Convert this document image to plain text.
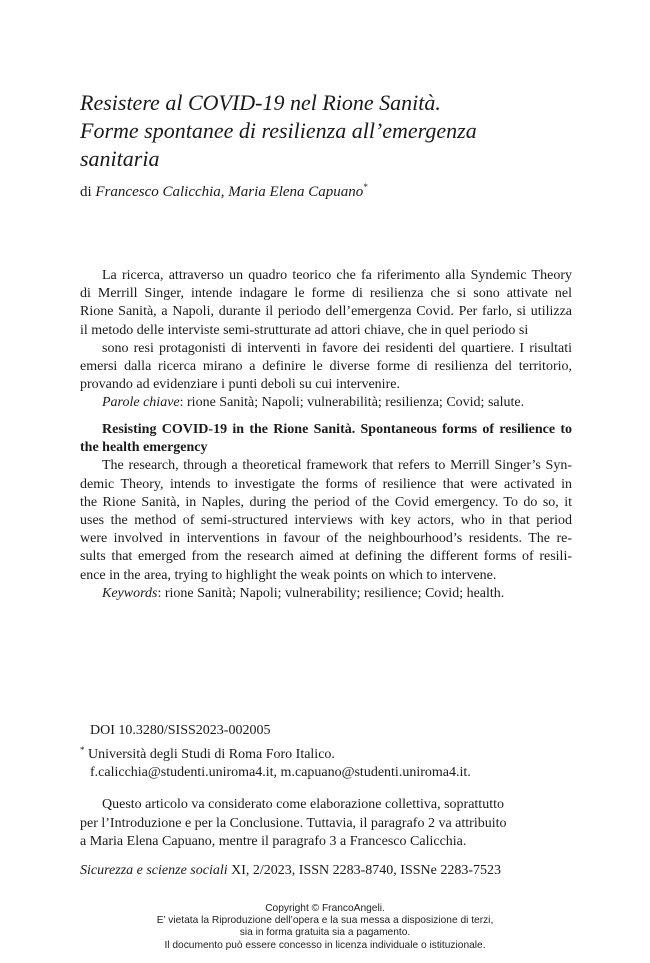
Resistere al COVID-19 nel Rione Sanità.
Forme spontanee di resilienza all’emergenza
sanitaria
di Francesco Calicchia, Maria Elena Capuano*
La ricerca, attraverso un quadro teorico che fa riferimento alla Syndemic Theory
di Merrill Singer, intende indagare le forme di resilienza che si sono attivate nel
Rione Sanità, a Napoli, durante il periodo dell’emergenza Covid. Per farlo, si utilizza
il metodo delle interviste semi-strutturate ad attori chiave, che in quel periodo si
sono resi protagonisti di interventi in favore dei residenti del quartiere. I risultati
emersi dalla ricerca mirano a definire le diverse forme di resilienza del territorio,
provando ad evidenziare i punti deboli su cui intervenire.
Parole chiave: rione Sanità; Napoli; vulnerabilità; resilienza; Covid; salute.
Resisting COVID-19 in the Rione Sanità. Spontaneous forms of resilience to
the health emergency
The research, through a theoretical framework that refers to Merrill Singer’s Syn-
demic Theory, intends to investigate the forms of resilience that were activated in
the Rione Sanità, in Naples, during the period of the Covid emergency. To do so, it
uses the method of semi-structured interviews with key actors, who in that period
were involved in interventions in favour of the neighbourhood’s residents. The re-
sults that emerged from the research aimed at defining the different forms of resili-
ence in the area, trying to highlight the weak points on which to intervene.
Keywords: rione Sanità; Napoli; vulnerability; resilience; Covid; health.
DOI 10.3280/SISS2023-002005
* Università degli Studi di Roma Foro Italico.
f.calicchia@studenti.uniroma4.it, m.capuano@studenti.uniroma4.it.
Questo articolo va considerato come elaborazione collettiva, soprattutto
per l’Introduzione e per la Conclusione. Tuttavia, il paragrafo 2 va attribuito
a Maria Elena Capuano, mentre il paragrafo 3 a Francesco Calicchia.
Sicurezza e scienze sociali XI, 2/2023, ISSN 2283-8740, ISSNe 2283-7523
Copyright © FrancoAngeli.
E’ vietata la Riproduzione dell’opera e la sua messa a disposizione di terzi,
sia in forma gratuita sia a pagamento.
Il documento può essere concesso in licenza individuale o istituzionale.
